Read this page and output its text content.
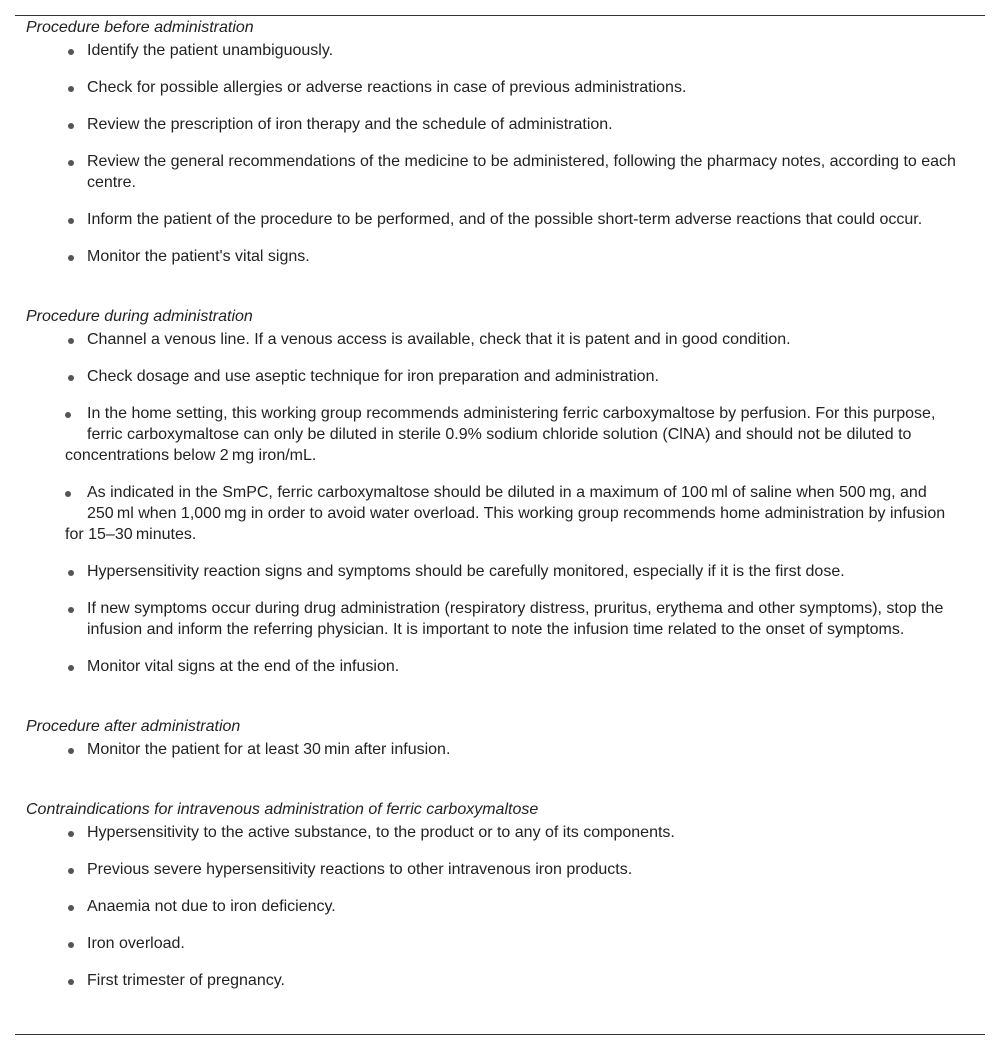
Procedure before administration
Identify the patient unambiguously.
Check for possible allergies or adverse reactions in case of previous administrations.
Review the prescription of iron therapy and the schedule of administration.
Review the general recommendations of the medicine to be administered, following the pharmacy notes, according to each centre.
Inform the patient of the procedure to be performed, and of the possible short-term adverse reactions that could occur.
Monitor the patient's vital signs.
Procedure during administration
Channel a venous line. If a venous access is available, check that it is patent and in good condition.
Check dosage and use aseptic technique for iron preparation and administration.
In the home setting, this working group recommends administering ferric carboxymaltose by perfusion. For this purpose,
ferric carboxymaltose can only be diluted in sterile 0.9% sodium chloride solution (ClNA) and should not be diluted to
concentrations below 2 mg iron/mL.
As indicated in the SmPC, ferric carboxymaltose should be diluted in a maximum of 100 ml of saline when 500 mg, and
250 ml when 1,000 mg in order to avoid water overload. This working group recommends home administration by infusion
for 15–30 minutes.
Hypersensitivity reaction signs and symptoms should be carefully monitored, especially if it is the first dose.
If new symptoms occur during drug administration (respiratory distress, pruritus, erythema and other symptoms), stop the infusion and inform the referring physician. It is important to note the infusion time related to the onset of symptoms.
Monitor vital signs at the end of the infusion.
Procedure after administration
Monitor the patient for at least 30 min after infusion.
Contraindications for intravenous administration of ferric carboxymaltose
Hypersensitivity to the active substance, to the product or to any of its components.
Previous severe hypersensitivity reactions to other intravenous iron products.
Anaemia not due to iron deficiency.
Iron overload.
First trimester of pregnancy.
